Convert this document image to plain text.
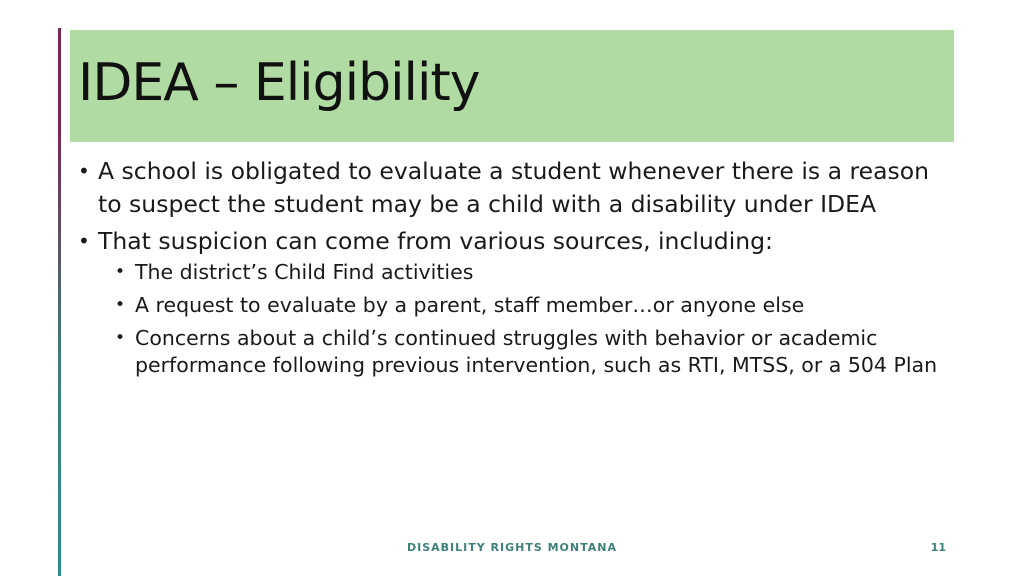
IDEA – Eligibility
• A school is obligated to evaluate a student whenever there is a reason to suspect the student may be a child with a disability under IDEA
• That suspicion can come from various sources, including:
• The district’s Child Find activities
• A request to evaluate by a parent, staff member…or anyone else
• Concerns about a child’s continued struggles with behavior or academic performance following previous intervention, such as RTI, MTSS, or a 504 Plan
DISABILITY RIGHTS MONTANA	11
